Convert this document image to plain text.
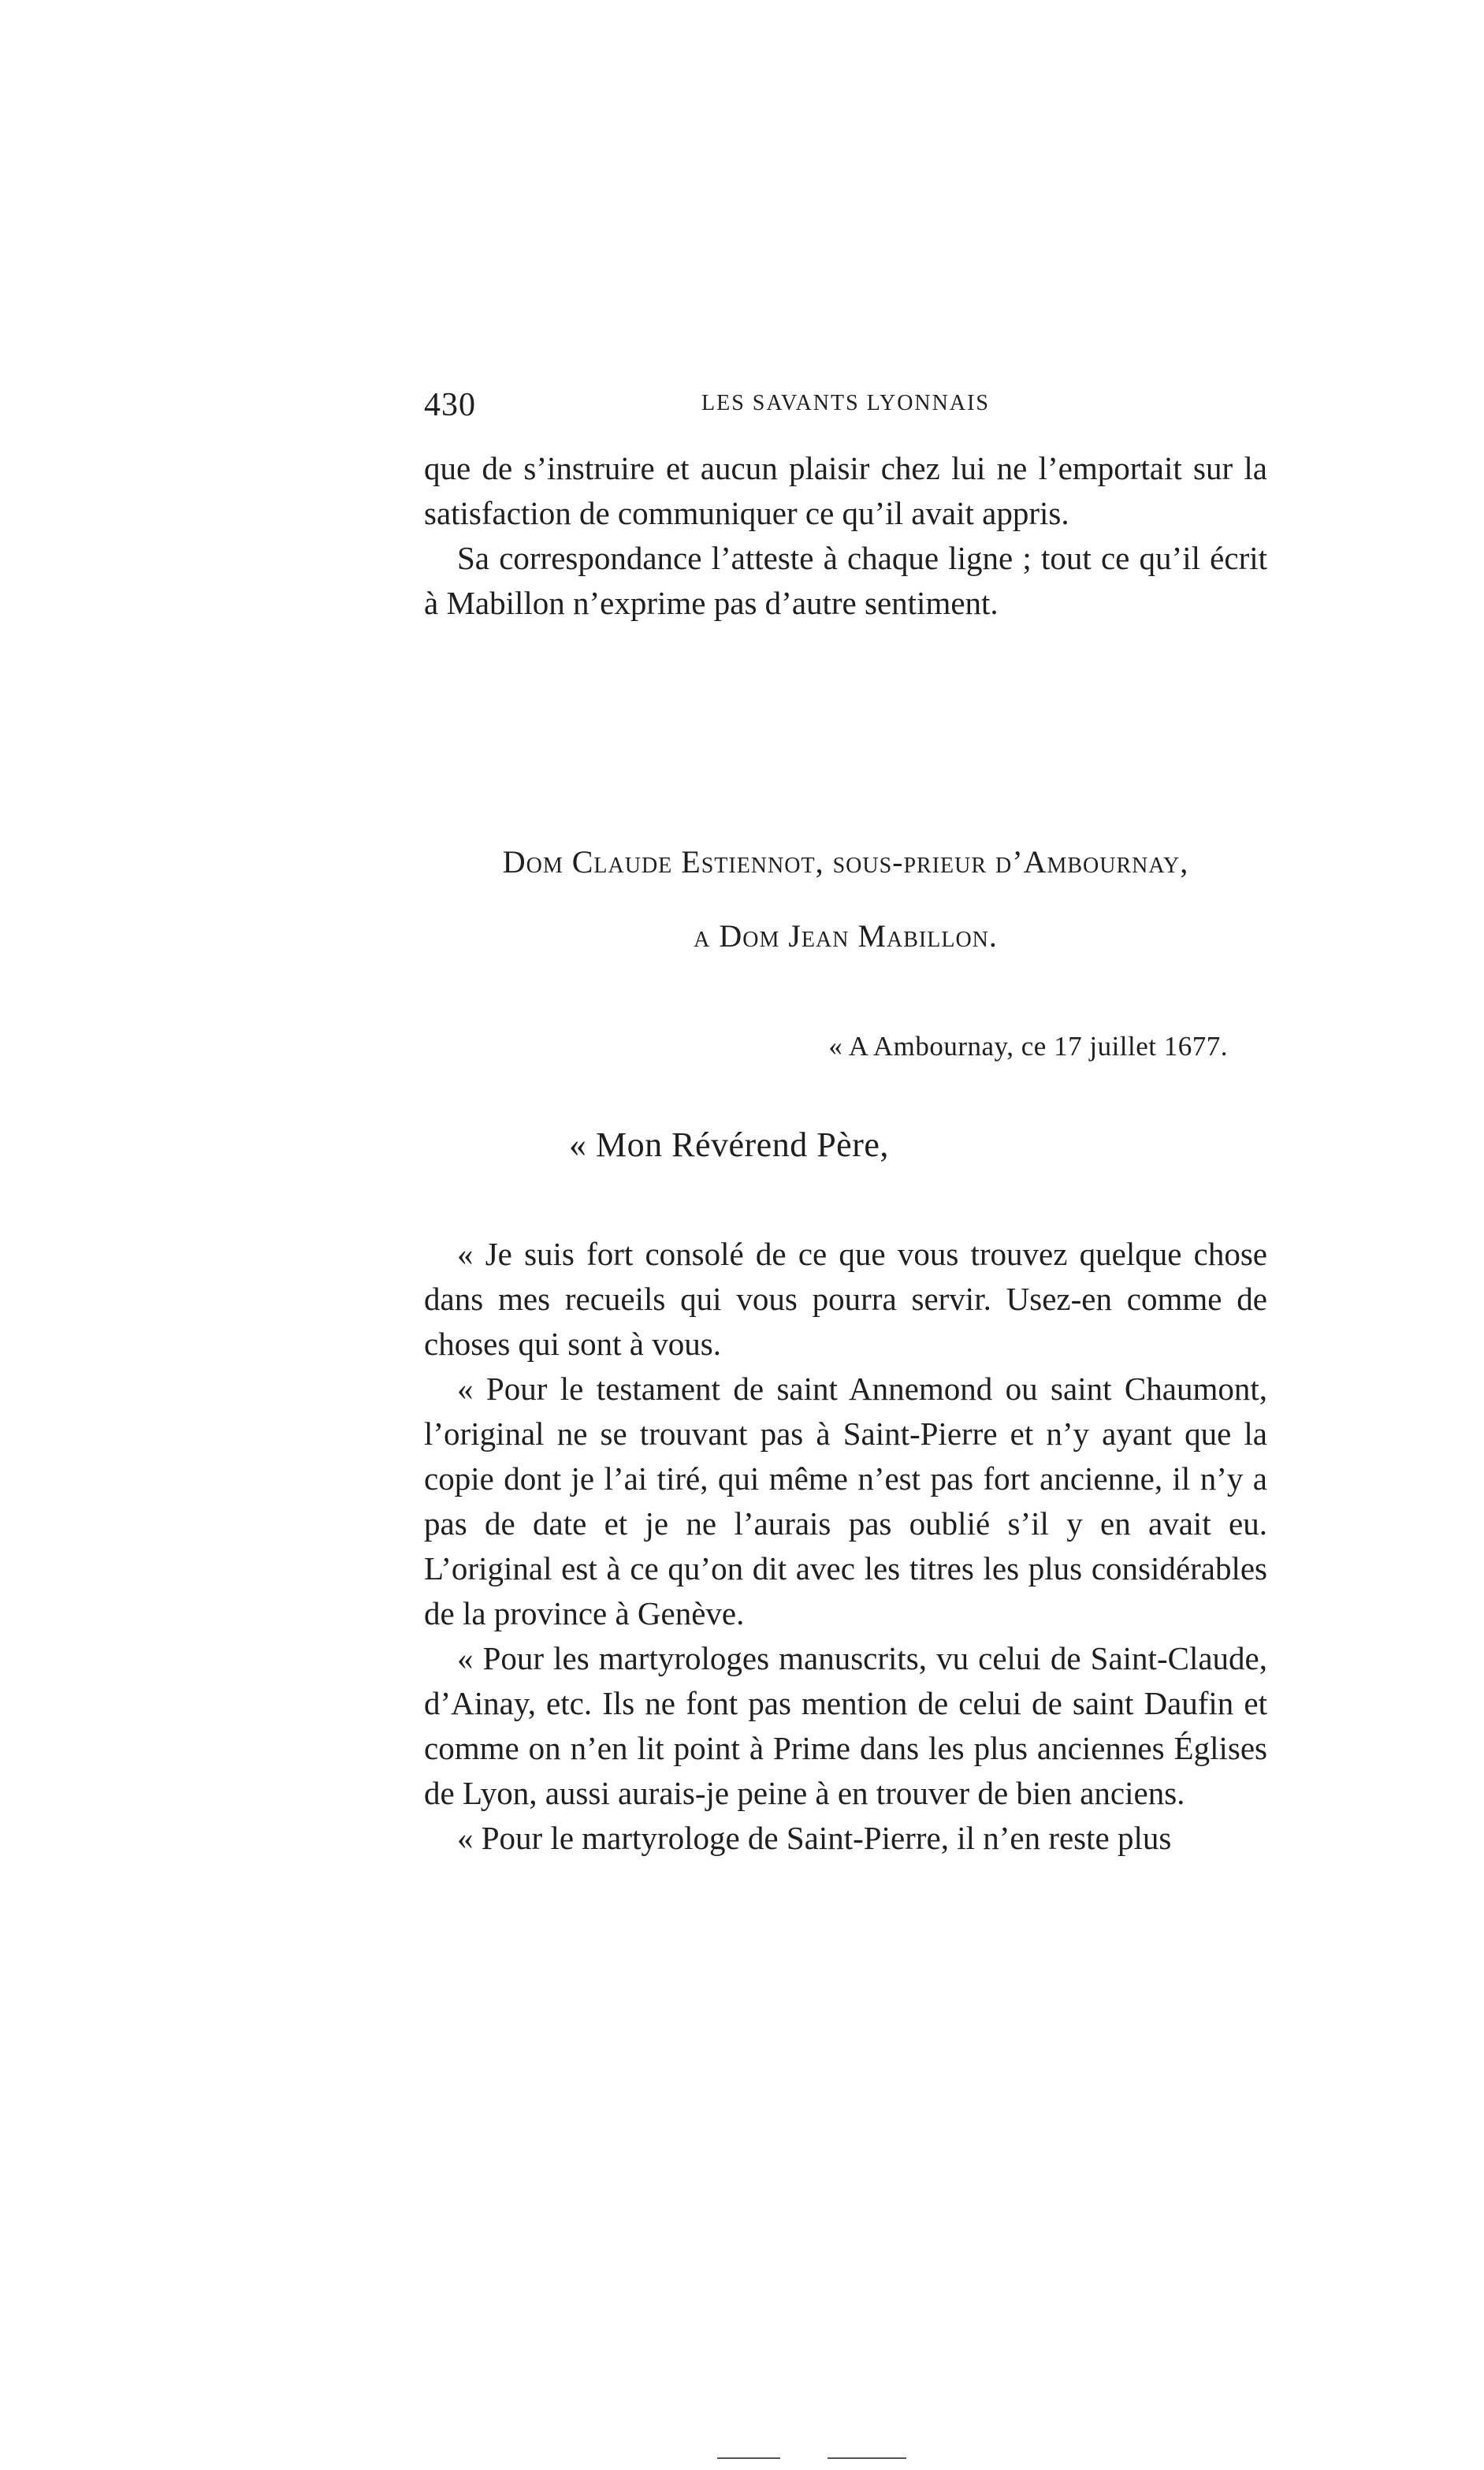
430	LES SAVANTS LYONNAIS

que de s’instruire et aucun plaisir chez lui ne l’emportait sur la satisfaction de communiquer ce qu’il avait appris.

Sa correspondance l’atteste à chaque ligne ; tout ce qu’il écrit à Mabillon n’exprime pas d’autre sentiment.

Dom Claude Estiennot, sous-prieur d’Ambournay,
a Dom Jean Mabillon.
« A Ambournay, ce 17 juillet 1677.
« Mon Révérend Père,

« Je suis fort consolé de ce que vous trouvez quelque chose dans mes recueils qui vous pourra servir. Usez-en comme de choses qui sont à vous.

« Pour le testament de saint Annemond ou saint Chaumont, l’original ne se trouvant pas à Saint-Pierre et n’y ayant que la copie dont je l’ai tiré, qui même n’est pas fort ancienne, il n’y a pas de date et je ne l’aurais pas oublié s’il y en avait eu. L’original est à ce qu’on dit avec les titres les plus considérables de la province à Genève.

« Pour les martyrologes manuscrits, vu celui de Saint-Claude, d’Ainay, etc. Ils ne font pas mention de celui de saint Daufin et comme on n’en lit point à Prime dans les plus anciennes Églises de Lyon, aussi aurais-je peine à en trouver de bien anciens.

« Pour le martyrologe de Saint-Pierre, il n’en reste plus
